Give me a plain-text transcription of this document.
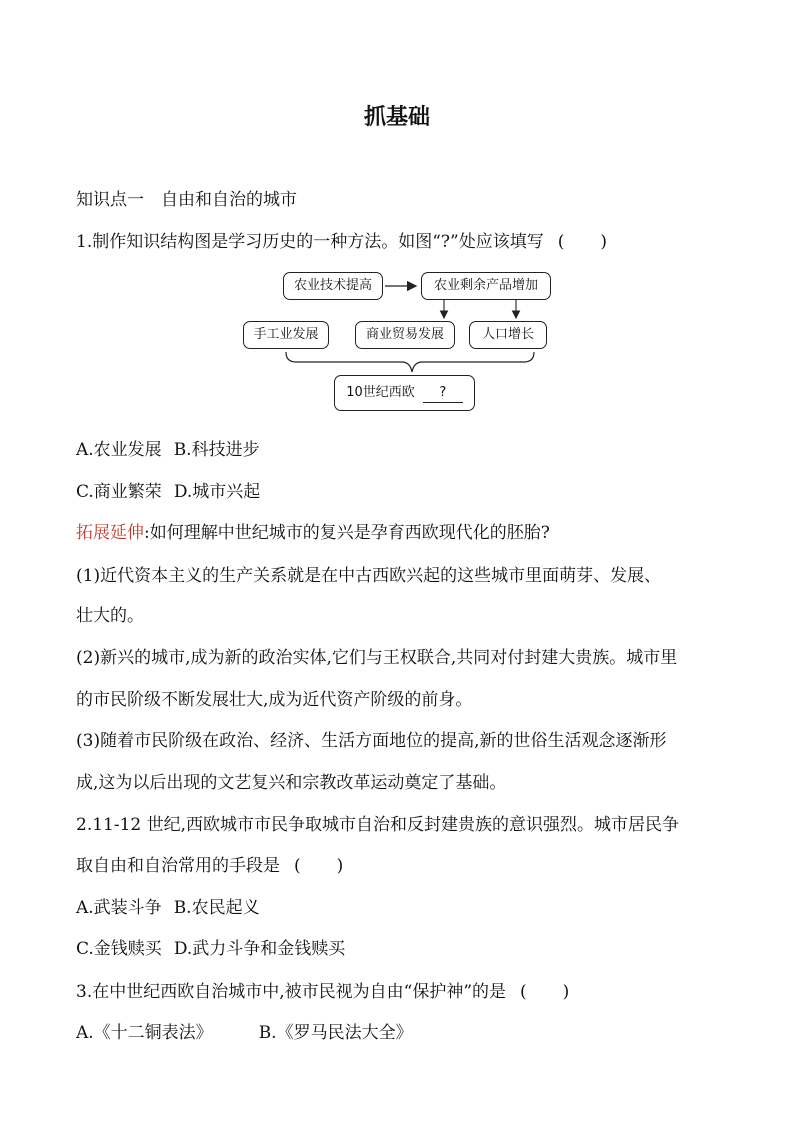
抓基础
知识点一　自由和自治的城市
1.制作知识结构图是学习历史的一种方法。如图“?”处应该填写 ( )
农业技术提高	农业剩余产品增加
手工业发展	商业贸易发展	人口增长
10世纪西欧 ?
A.农业发展 B.科技进步
C.商业繁荣 D.城市兴起
拓展延伸:如何理解中世纪城市的复兴是孕育西欧现代化的胚胎?
(1)近代资本主义的生产关系就是在中古西欧兴起的这些城市里面萌芽、发展、
壮大的。
(2)新兴的城市,成为新的政治实体,它们与王权联合,共同对付封建大贵族。城市里
的市民阶级不断发展壮大,成为近代资产阶级的前身。
(3)随着市民阶级在政治、经济、生活方面地位的提高,新的世俗生活观念逐渐形
成,这为以后出现的文艺复兴和宗教改革运动奠定了基础。
2.11-12 世纪,西欧城市市民争取城市自治和反封建贵族的意识强烈。城市居民争
取自由和自治常用的手段是 ( )
A.武装斗争 B.农民起义
C.金钱赎买 D.武力斗争和金钱赎买
3.在中世纪西欧自治城市中,被市民视为自由“保护神”的是 ( )
A.《十二铜表法》	B.《罗马民法大全》
